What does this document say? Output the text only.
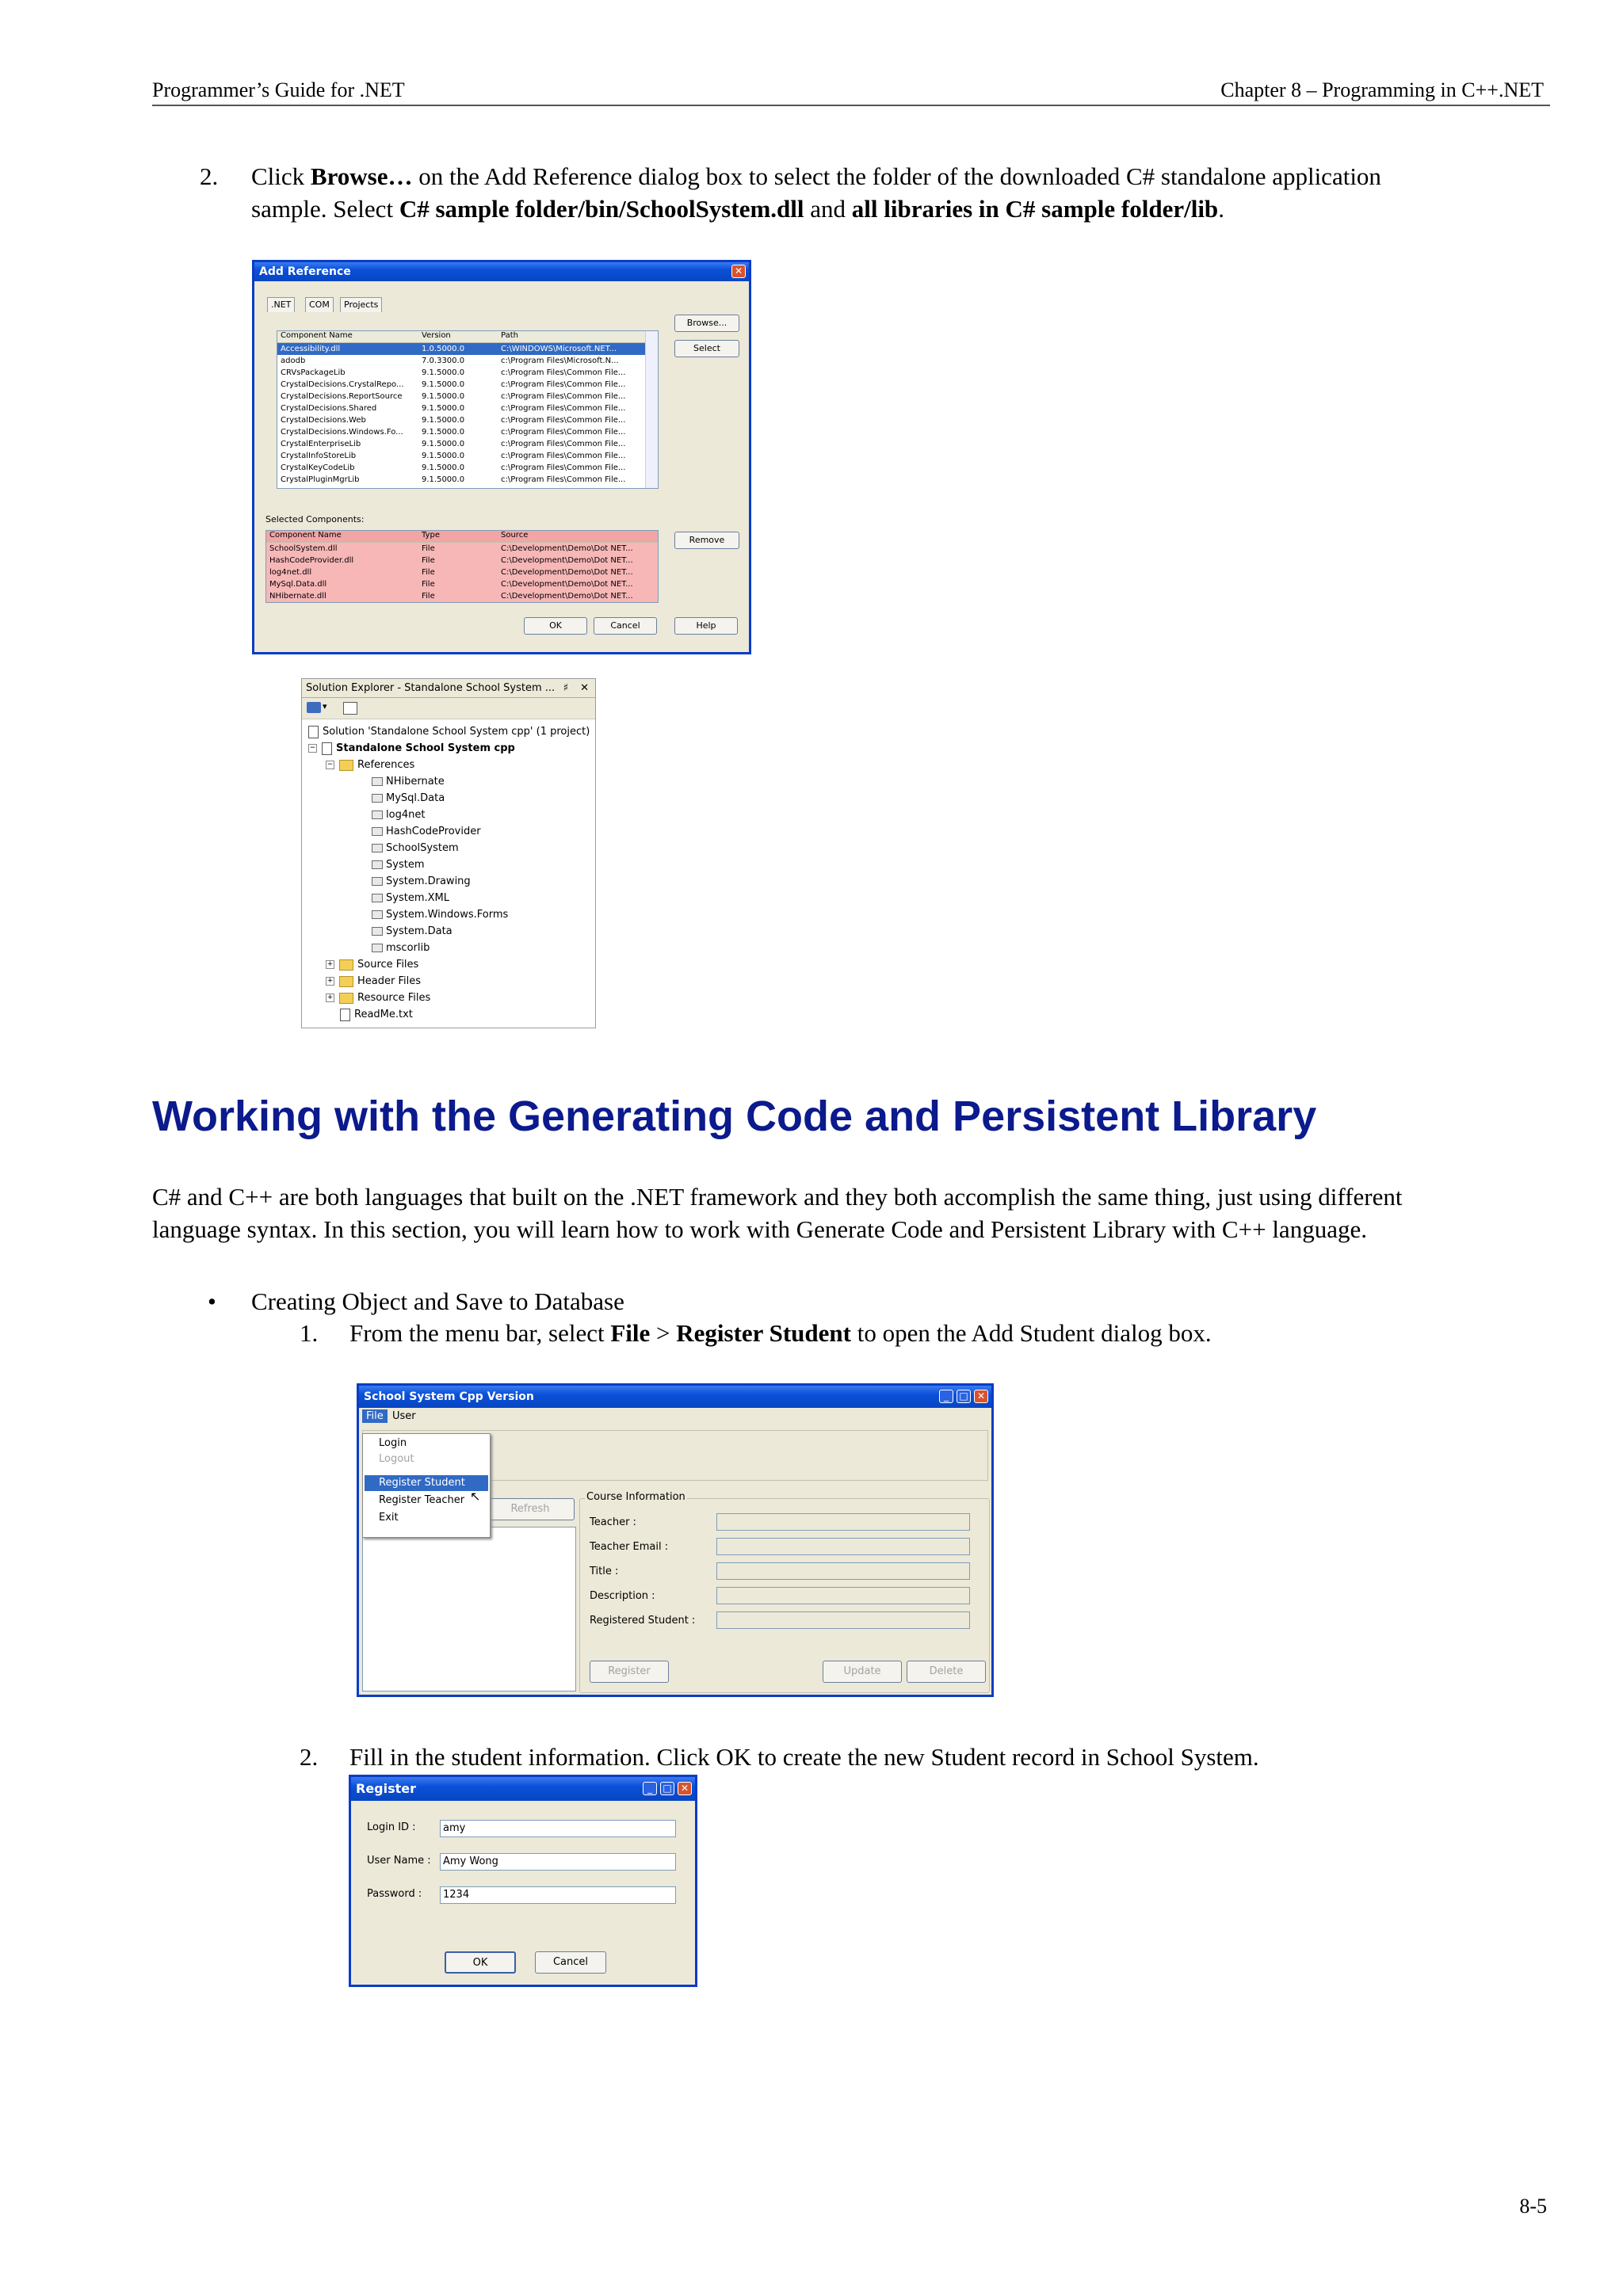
Programmer’s Guide for .NET	Chapter 8 – Programming in C++.NET
2. Click Browse… on the Add Reference dialog box to select the folder of the downloaded C# standalone application
sample. Select C# sample folder/bin/SchoolSystem.dll and all libraries in C# sample folder/lib.
Add Reference	✕
.NET	COM	Projects
Component Name	Version	Path
Accessibility.dll	1.0.5000.0	C:\WINDOWS\Microsoft.NET...
adodb	7.0.3300.0	c:\Program Files\Microsoft.N...
CRVsPackageLib	9.1.5000.0	c:\Program Files\Common File...
CrystalDecisions.CrystalRepo... 9.1.5000.0	c:\Program Files\Common File...
CrystalDecisions.ReportSource 9.1.5000.0	c:\Program Files\Common File...
CrystalDecisions.Shared	9.1.5000.0	c:\Program Files\Common File...
CrystalDecisions.Web	9.1.5000.0	c:\Program Files\Common File...
CrystalDecisions.Windows.Fo... 9.1.5000.0	c:\Program Files\Common File...
CrystalEnterpriseLib	9.1.5000.0	c:\Program Files\Common File...
CrystalInfoStoreLib	9.1.5000.0	c:\Program Files\Common File...
CrystalKeyCodeLib	9.1.5000.0	c:\Program Files\Common File...
CrystalPluginMgrLib	9.1.5000.0	c:\Program Files\Common File...
Browse...
Select
Selected Components:
Component Name	Type	Source
SchoolSystem.dll	File	C:\Development\Demo\Dot NET...
HashCodeProvider.dll	File	C:\Development\Demo\Dot NET...
log4net.dll	File	C:\Development\Demo\Dot NET...
MySql.Data.dll	File	C:\Development\Demo\Dot NET...
NHibernate.dll	File	C:\Development\Demo\Dot NET...
Remove
OK	Cancel	Help
Solution Explorer - Standalone School System ... ♯ ✕
▾
Solution 'Standalone School System cpp' (1 project)
− Standalone School System cpp
− References
NHibernate
MySql.Data
log4net
HashCodeProvider
SchoolSystem
System
System.Drawing
System.XML
System.Windows.Forms
System.Data
mscorlib
+ Source Files
+ Header Files
+ Resource Files
ReadMe.txt
Working with the Generating Code and Persistent Library
C# and C++ are both languages that built on the .NET framework and they both accomplish the same thing, just using different
language syntax. In this section, you will learn how to work with Generate Code and Persistent Library with C++ language.
• Creating Object and Save to Database
1. From the menu bar, select File > Register Student to open the Add Student dialog box.
School System Cpp Version	_	□ ✕
File User
Refresh
Login
Logout
Register Student
Register Teacher
Exit
↖	Course Information
Teacher :
Teacher Email :
Title :
Description :
Registered Student :
Register	Update	Delete
2. Fill in the student information. Click OK to create the new Student record in School System.
Register	_	□ ✕
Login ID :	amy
User Name :	Amy Wong
Password :	1234
OK	Cancel
8-5
